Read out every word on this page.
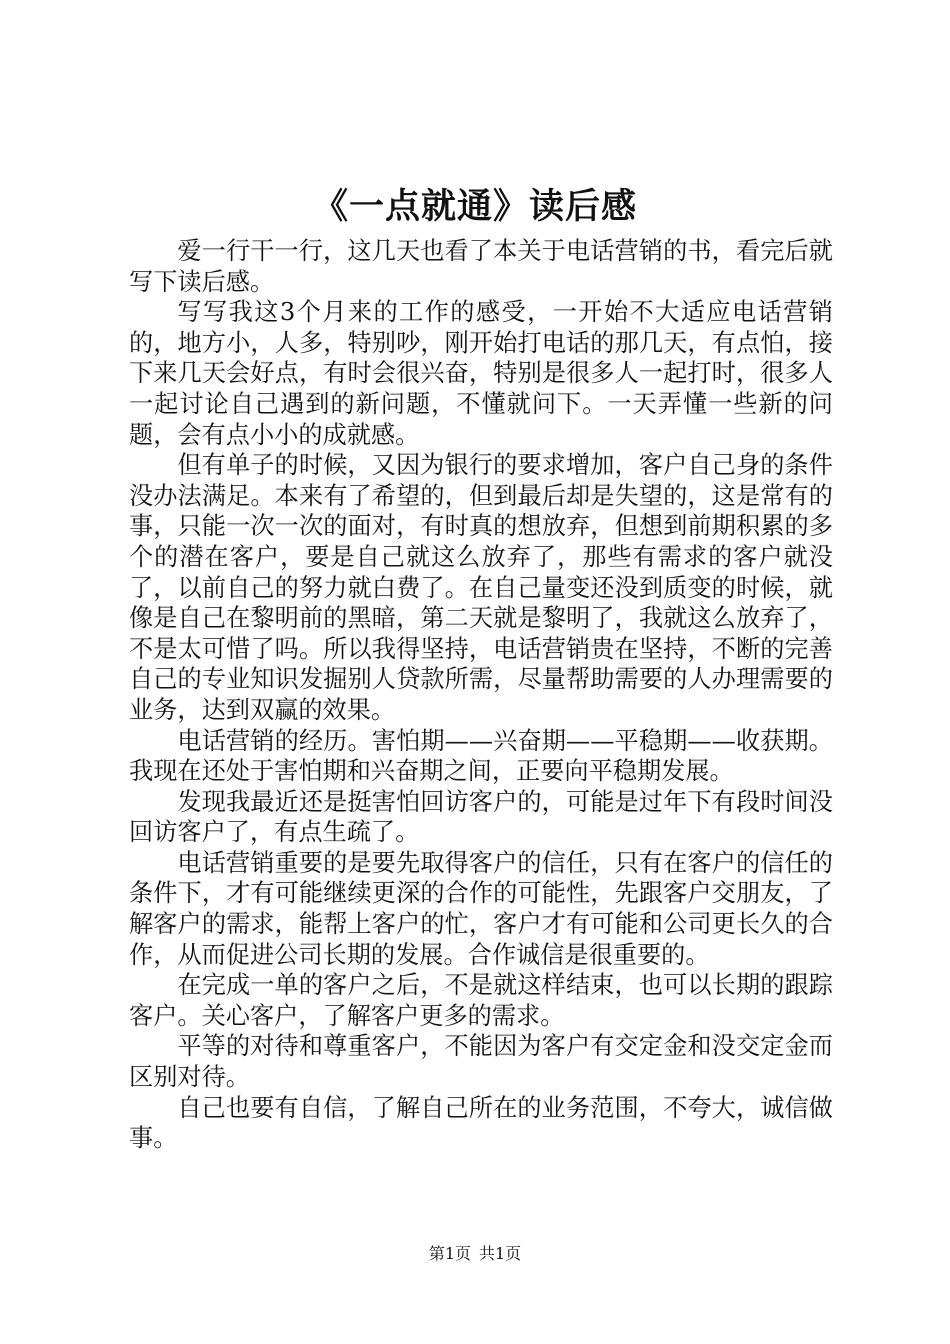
《一点就通》读后感

爱一行干一行，这几天也看了本关于电话营销的书，看完后就写下读后感。

写写我这3个月来的工作的感受，一开始不大适应电话营销的，地方小，人多，特别吵，刚开始打电话的那几天，有点怕，接下来几天会好点，有时会很兴奋，特别是很多人一起打时，很多人一起讨论自己遇到的新问题，不懂就问下。一天弄懂一些新的问题，会有点小小的成就感。

但有单子的时候，又因为银行的要求增加，客户自己身的条件没办法满足。本来有了希望的，但到最后却是失望的，这是常有的事，只能一次一次的面对，有时真的想放弃，但想到前期积累的多个的潜在客户，要是自己就这么放弃了，那些有需求的客户就没了，以前自己的努力就白费了。在自己量变还没到质变的时候，就像是自己在黎明前的黑暗，第二天就是黎明了，我就这么放弃了，不是太可惜了吗。所以我得坚持，电话营销贵在坚持，不断的完善自己的专业知识发掘别人贷款所需，尽量帮助需要的人办理需要的业务，达到双赢的效果。

电话营销的经历。害怕期——兴奋期——平稳期——收获期。我现在还处于害怕期和兴奋期之间，正要向平稳期发展。

发现我最近还是挺害怕回访客户的，可能是过年下有段时间没回访客户了，有点生疏了。

电话营销重要的是要先取得客户的信任，只有在客户的信任的条件下，才有可能继续更深的合作的可能性，先跟客户交朋友，了解客户的需求，能帮上客户的忙，客户才有可能和公司更长久的合作，从而促进公司长期的发展。合作诚信是很重要的。

在完成一单的客户之后，不是就这样结束，也可以长期的跟踪客户。关心客户，了解客户更多的需求。

平等的对待和尊重客户，不能因为客户有交定金和没交定金而区别对待。

自己也要有自信，了解自己所在的业务范围，不夸大，诚信做事。

第1页 共1页
